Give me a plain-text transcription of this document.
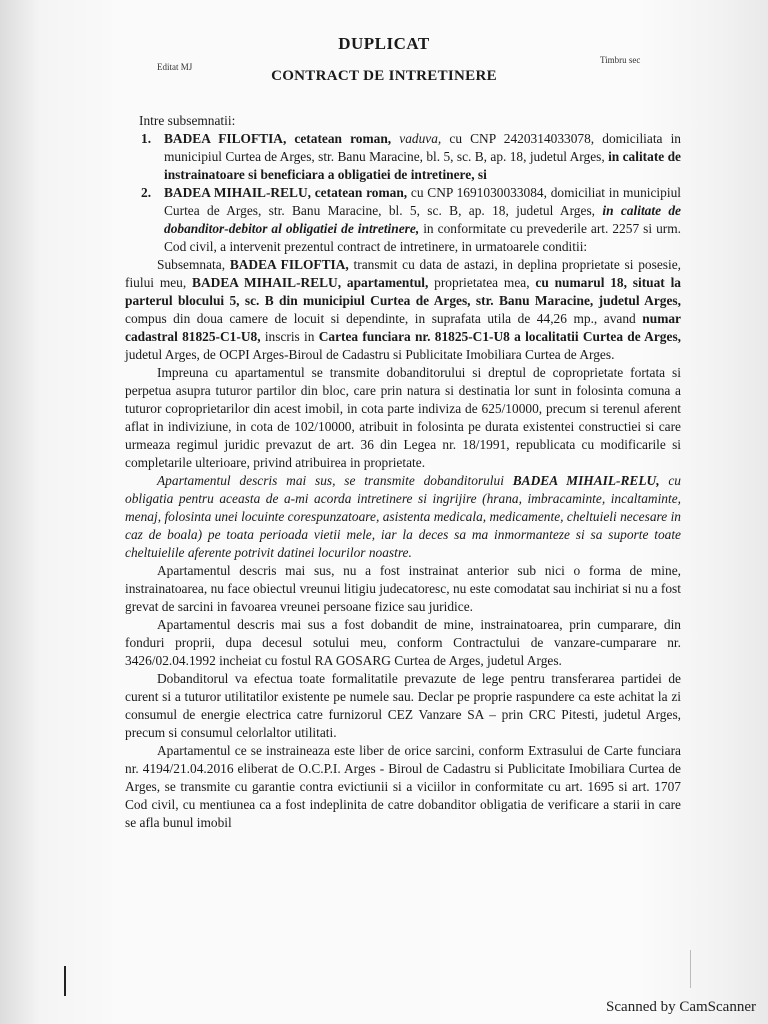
Editat MJ
Timbru sec
DUPLICAT
CONTRACT DE INTRETINERE

Intre subsemnatii:

1. BADEA FILOFTIA, cetatean roman, vaduva, cu CNP 2420314033078, domiciliata in municipiul Curtea de Arges, str. Banu Maracine, bl. 5, sc. B, ap. 18, judetul Arges, in calitate de instrainatoare si beneficiara a obligatiei de intretinere, si

2. BADEA MIHAIL-RELU, cetatean roman, cu CNP 1691030033084, domiciliat in municipiul Curtea de Arges, str. Banu Maracine, bl. 5, sc. B, ap. 18, judetul Arges, in calitate de dobanditor-debitor al obligatiei de intretinere, in conformitate cu prevederile art. 2257 si urm. Cod civil, a intervenit prezentul contract de intretinere, in urmatoarele conditii:

Subsemnata, BADEA FILOFTIA, transmit cu data de astazi, in deplina proprietate si posesie, fiului meu, BADEA MIHAIL-RELU, apartamentul, proprietatea mea, cu numarul 18, situat la parterul blocului 5, sc. B din municipiul Curtea de Arges, str. Banu Maracine, judetul Arges, compus din doua camere de locuit si dependinte, in suprafata utila de 44,26 mp., avand numar cadastral 81825-C1-U8, inscris in Cartea funciara nr. 81825-C1-U8 a localitatii Curtea de Arges, judetul Arges, de OCPI Arges-Biroul de Cadastru si Publicitate Imobiliara Curtea de Arges.

Impreuna cu apartamentul se transmite dobanditorului si dreptul de coproprietate fortata si perpetua asupra tuturor partilor din bloc, care prin natura si destinatia lor sunt in folosinta comuna a tuturor coproprietarilor din acest imobil, in cota parte indiviza de 625/10000, precum si terenul aferent aflat in indiviziune, in cota de 102/10000, atribuit in folosinta pe durata existentei constructiei si care urmeaza regimul juridic prevazut de art. 36 din Legea nr. 18/1991, republicata cu modificarile si completarile ulterioare, privind atribuirea in proprietate.

Apartamentul descris mai sus, se transmite dobanditorului BADEA MIHAIL-RELU, cu obligatia pentru aceasta de a-mi acorda intretinere si ingrijire (hrana, imbracaminte, incaltaminte, menaj, folosinta unei locuinte corespunzatoare, asistenta medicala, medicamente, cheltuieli necesare in caz de boala) pe toata perioada vietii mele, iar la deces sa ma inmormanteze si sa suporte toate cheltuielile aferente potrivit datinei locurilor noastre.

Apartamentul descris mai sus, nu a fost instrainat anterior sub nici o forma de mine, instrainatoarea, nu face obiectul vreunui litigiu judecatoresc, nu este comodatat sau inchiriat si nu a fost grevat de sarcini in favoarea vreunei persoane fizice sau juridice.

Apartamentul descris mai sus a fost dobandit de mine, instrainatoarea, prin cumparare, din fonduri proprii, dupa decesul sotului meu, conform Contractului de vanzare-cumparare nr. 3426/02.04.1992 incheiat cu fostul RA GOSARG Curtea de Arges, judetul Arges.

Dobanditorul va efectua toate formalitatile prevazute de lege pentru transferarea partidei de curent si a tuturor utilitatilor existente pe numele sau. Declar pe proprie raspundere ca este achitat la zi consumul de energie electrica catre furnizorul CEZ Vanzare SA – prin CRC Pitesti, judetul Arges, precum si consumul celorlaltor utilitati.

Apartamentul ce se instraineaza este liber de orice sarcini, conform Extrasului de Carte funciara nr. 4194/21.04.2016 eliberat de O.C.P.I. Arges - Biroul de Cadastru si Publicitate Imobiliara Curtea de Arges, se transmite cu garantie contra evictiunii si a viciilor in conformitate cu art. 1695 si art. 1707 Cod civil, cu mentiunea ca a fost indeplinita de catre dobanditor obligatia de verificare a starii in care se afla bunul imobil

Scanned by CamScanner
